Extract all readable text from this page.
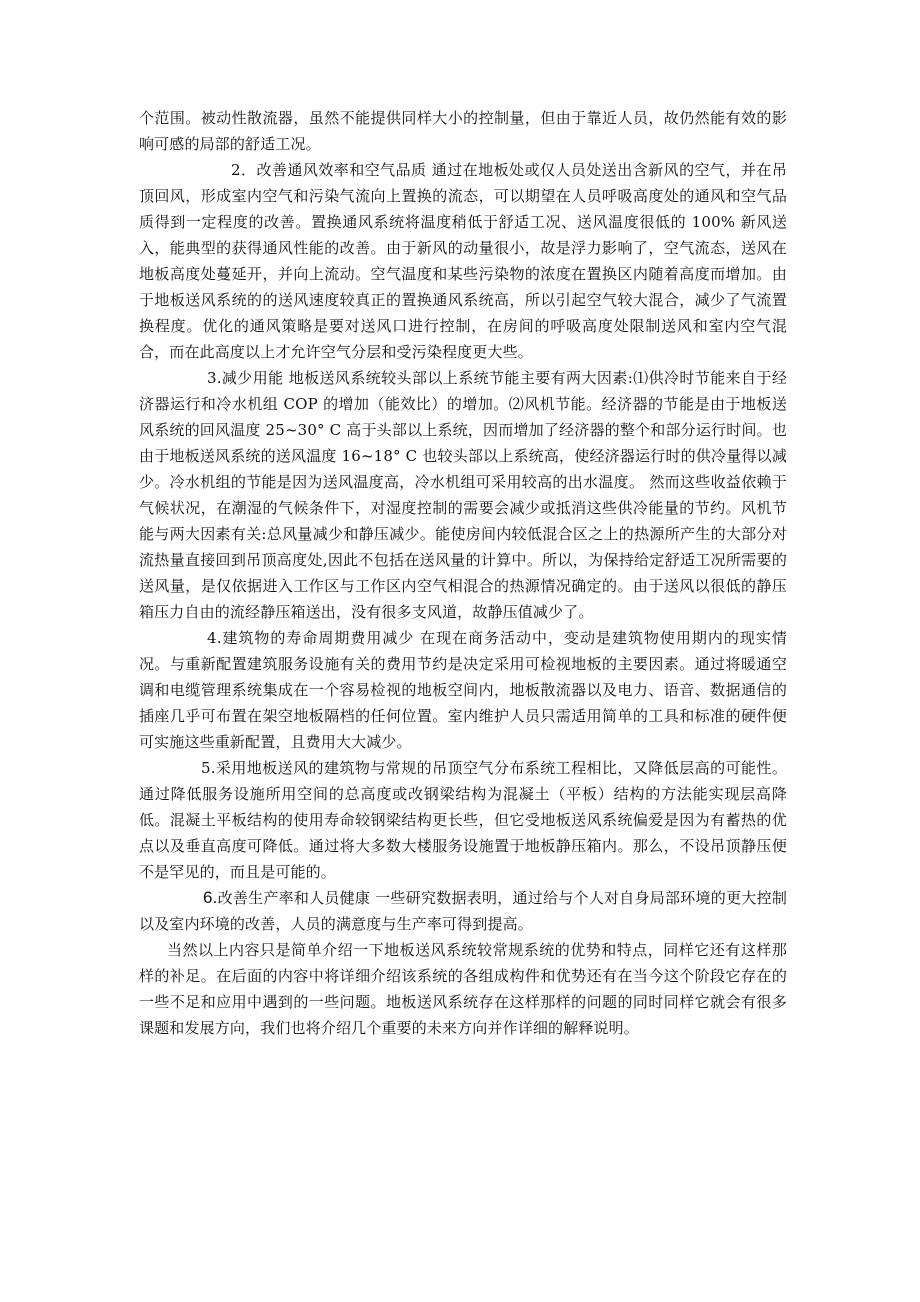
个范围。被动性散流器，虽然不能提供同样大小的控制量，但由于靠近人员，故仍然能有效的影响可感的局部的舒适工况。

2．改善通风效率和空气品质 通过在地板处或仅人员处送出含新风的空气，并在吊顶回风，形成室内空气和污染气流向上置换的流态，可以期望在人员呼吸高度处的通风和空气品质得到一定程度的改善。置换通风系统将温度稍低于舒适工况、送风温度很低的 100% 新风送入，能典型的获得通风性能的改善。由于新风的动量很小，故是浮力影响了，空气流态，送风在地板高度处蔓延开，并向上流动。空气温度和某些污染物的浓度在置换区内随着高度而增加。由于地板送风系统的的送风速度较真正的置换通风系统高，所以引起空气较大混合，减少了气流置换程度。优化的通风策略是要对送风口进行控制，在房间的呼吸高度处限制送风和室内空气混合，而在此高度以上才允许空气分层和受污染程度更大些。

3.减少用能 地板送风系统较头部以上系统节能主要有两大因素:⑴供冷时节能来自于经济器运行和冷水机组 COP 的增加（能效比）的增加。⑵风机节能。经济器的节能是由于地板送风系统的回风温度 25~30° C 高于头部以上系统，因而增加了经济器的整个和部分运行时间。也由于地板送风系统的送风温度 16~18° C 也较头部以上系统高，使经济器运行时的供冷量得以减少。冷水机组的节能是因为送风温度高，冷水机组可采用较高的出水温度。 然而这些收益依赖于气候状况，在潮湿的气候条件下，对湿度控制的需要会减少或抵消这些供冷能量的节约。风机节能与两大因素有关:总风量减少和静压减少。能使房间内较低混合区之上的热源所产生的大部分对流热量直接回到吊顶高度处,因此不包括在送风量的计算中。所以，为保持给定舒适工况所需要的送风量，是仅依据进入工作区与工作区内空气相混合的热源情况确定的。由于送风以很低的静压箱压力自由的流经静压箱送出，没有很多支风道，故静压值减少了。

4.建筑物的寿命周期费用减少 在现在商务活动中，变动是建筑物使用期内的现实情况。与重新配置建筑服务设施有关的费用节约是决定采用可检视地板的主要因素。通过将暖通空调和电缆管理系统集成在一个容易检视的地板空间内，地板散流器以及电力、语音、数据通信的插座几乎可布置在架空地板隔档的任何位置。室内维护人员只需适用简单的工具和标准的硬件便可实施这些重新配置，且费用大大减少。

5.采用地板送风的建筑物与常规的吊顶空气分布系统工程相比，又降低层高的可能性。通过降低服务设施所用空间的总高度或改钢梁结构为混凝土（平板）结构的方法能实现层高降低。混凝土平板结构的使用寿命较钢梁结构更长些，但它受地板送风系统偏爱是因为有蓄热的优点以及垂直高度可降低。通过将大多数大楼服务设施置于地板静压箱内。那么，不设吊顶静压便不是罕见的，而且是可能的。

6.改善生产率和人员健康 一些研究数据表明，通过给与个人对自身局部环境的更大控制以及室内环境的改善，人员的满意度与生产率可得到提高。

当然以上内容只是简单介绍一下地板送风系统较常规系统的优势和特点，同样它还有这样那样的补足。在后面的内容中将详细介绍该系统的各组成构件和优势还有在当今这个阶段它存在的一些不足和应用中遇到的一些问题。地板送风系统存在这样那样的问题的同时同样它就会有很多课题和发展方向，我们也将介绍几个重要的未来方向并作详细的解释说明。
